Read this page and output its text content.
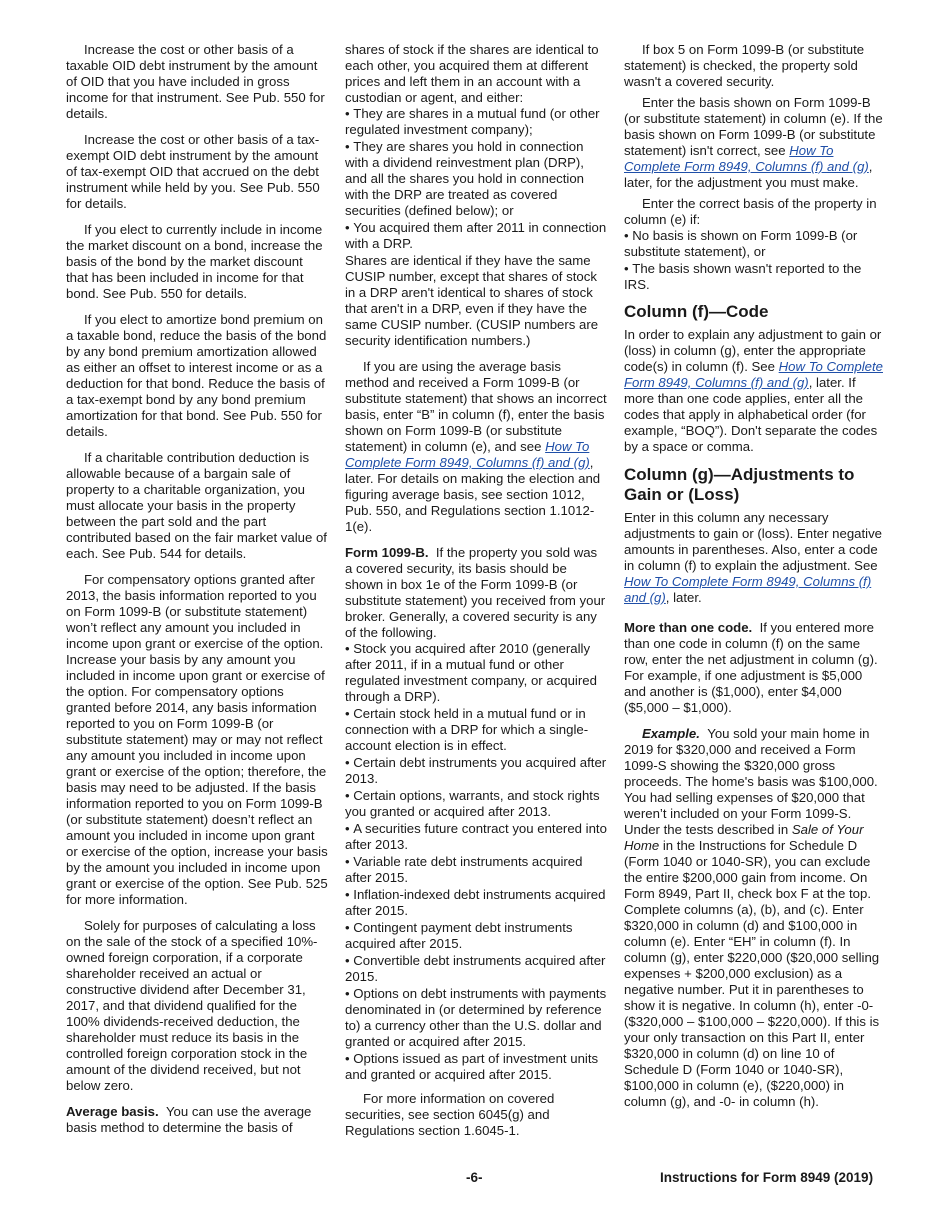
Increase the cost or other basis of a taxable OID debt instrument by the amount of OID that you have included in gross income for that instrument. See Pub. 550 for details.

Increase the cost or other basis of a tax-exempt OID debt instrument by the amount of tax-exempt OID that accrued on the debt instrument while held by you. See Pub. 550 for details.

If you elect to currently include in income the market discount on a bond, increase the basis of the bond by the market discount that has been included in income for that bond. See Pub. 550 for details.

If you elect to amortize bond premium on a taxable bond, reduce the basis of the bond by any bond premium amortization allowed as either an offset to interest income or as a deduction for that bond. Reduce the basis of a tax-exempt bond by any bond premium amortization for that bond. See Pub. 550 for details.

If a charitable contribution deduction is allowable because of a bargain sale of property to a charitable organization, you must allocate your basis in the property between the part sold and the part contributed based on the fair market value of each. See Pub. 544 for details.

For compensatory options granted after 2013, the basis information reported to you on Form 1099-B (or substitute statement) won’t reflect any amount you included in income upon grant or exercise of the option. Increase your basis by any amount you included in income upon grant or exercise of the option. For compensatory options granted before 2014, any basis information reported to you on Form 1099-B (or substitute statement) may or may not reflect any amount you included in income upon grant or exercise of the option; therefore, the basis may need to be adjusted. If the basis information reported to you on Form 1099-B (or substitute statement) doesn’t reflect an amount you included in income upon grant or exercise of the option, increase your basis by the amount you included in income upon grant or exercise of the option. See Pub. 525 for more information.

Solely for purposes of calculating a loss on the sale of the stock of a specified 10%-owned foreign corporation, if a corporate shareholder received an actual or constructive dividend after December 31, 2017, and that dividend qualified for the 100% dividends-received deduction, the shareholder must reduce its basis in the controlled foreign corporation stock in the amount of the dividend received, but not below zero.

Average basis. You can use the average basis method to determine the basis of

shares of stock if the shares are identical to each other, you acquired them at different prices and left them in an account with a custodian or agent, and either:

• They are shares in a mutual fund (or other regulated investment company);

• They are shares you hold in connection with a dividend reinvestment plan (DRP), and all the shares you hold in connection with the DRP are treated as covered securities (defined below); or

• You acquired them after 2011 in connection with a DRP.

Shares are identical if they have the same CUSIP number, except that shares of stock in a DRP aren't identical to shares of stock that aren't in a DRP, even if they have the same CUSIP number. (CUSIP numbers are security identification numbers.)

If you are using the average basis method and received a Form 1099-B (or substitute statement) that shows an incorrect basis, enter “B” in column (f), enter the basis shown on Form 1099-B (or substitute statement) in column (e), and see How To Complete Form 8949, Columns (f) and (g), later. For details on making the election and figuring average basis, see section 1012, Pub. 550, and Regulations section 1.1012-1(e).

Form 1099-B. If the property you sold was a covered security, its basis should be shown in box 1e of the Form 1099-B (or substitute statement) you received from your broker. Generally, a covered security is any of the following.

• Stock you acquired after 2010 (generally after 2011, if in a mutual fund or other regulated investment company, or acquired through a DRP).

• Certain stock held in a mutual fund or in connection with a DRP for which a single-account election is in effect.

• Certain debt instruments you acquired after 2013.

• Certain options, warrants, and stock rights you granted or acquired after 2013.

• A securities future contract you entered into after 2013.

• Variable rate debt instruments acquired after 2015.

• Inflation-indexed debt instruments acquired after 2015.

• Contingent payment debt instruments acquired after 2015.

• Convertible debt instruments acquired after 2015.

• Options on debt instruments with payments denominated in (or determined by reference to) a currency other than the U.S. dollar and granted or acquired after 2015.

• Options issued as part of investment units and granted or acquired after 2015.

For more information on covered securities, see section 6045(g) and Regulations section 1.6045-1.

If box 5 on Form 1099-B (or substitute statement) is checked, the property sold wasn't a covered security.

Enter the basis shown on Form 1099-B (or substitute statement) in column (e). If the basis shown on Form 1099-B (or substitute statement) isn't correct, see How To Complete Form 8949, Columns (f) and (g), later, for the adjustment you must make.

Enter the correct basis of the property in column (e) if:

• No basis is shown on Form 1099-B (or substitute statement), or

• The basis shown wasn't reported to the IRS.

Column (f)—Code

In order to explain any adjustment to gain or (loss) in column (g), enter the appropriate code(s) in column (f). See How To Complete Form 8949, Columns (f) and (g), later. If more than one code applies, enter all the codes that apply in alphabetical order (for example, “BOQ”). Don't separate the codes by a space or comma.

Column (g)—Adjustments to Gain or (Loss)

Enter in this column any necessary adjustments to gain or (loss). Enter negative amounts in parentheses. Also, enter a code in column (f) to explain the adjustment. See How To Complete Form 8949, Columns (f) and (g), later.

More than one code. If you entered more than one code in column (f) on the same row, enter the net adjustment in column (g). For example, if one adjustment is $5,000 and another is ($1,000), enter $4,000 ($5,000 – $1,000).

Example. You sold your main home in 2019 for $320,000 and received a Form 1099-S showing the $320,000 gross proceeds. The home's basis was $100,000. You had selling expenses of $20,000 that weren’t included on your Form 1099-S. Under the tests described in Sale of Your Home in the Instructions for Schedule D (Form 1040 or 1040-SR), you can exclude the entire $200,000 gain from income. On Form 8949, Part II, check box F at the top. Complete columns (a), (b), and (c). Enter $320,000 in column (d) and $100,000 in column (e). Enter “EH” in column (f). In column (g), enter $220,000 ($20,000 selling expenses + $200,000 exclusion) as a negative number. Put it in parentheses to show it is negative. In column (h), enter -0- ($320,000 – $100,000 – $220,000). If this is your only transaction on this Part II, enter $320,000 in column (d) on line 10 of Schedule D (Form 1040 or 1040-SR), $100,000 in column (e), ($220,000) in column (g), and -0- in column (h).

-6-	Instructions for Form 8949 (2019)
